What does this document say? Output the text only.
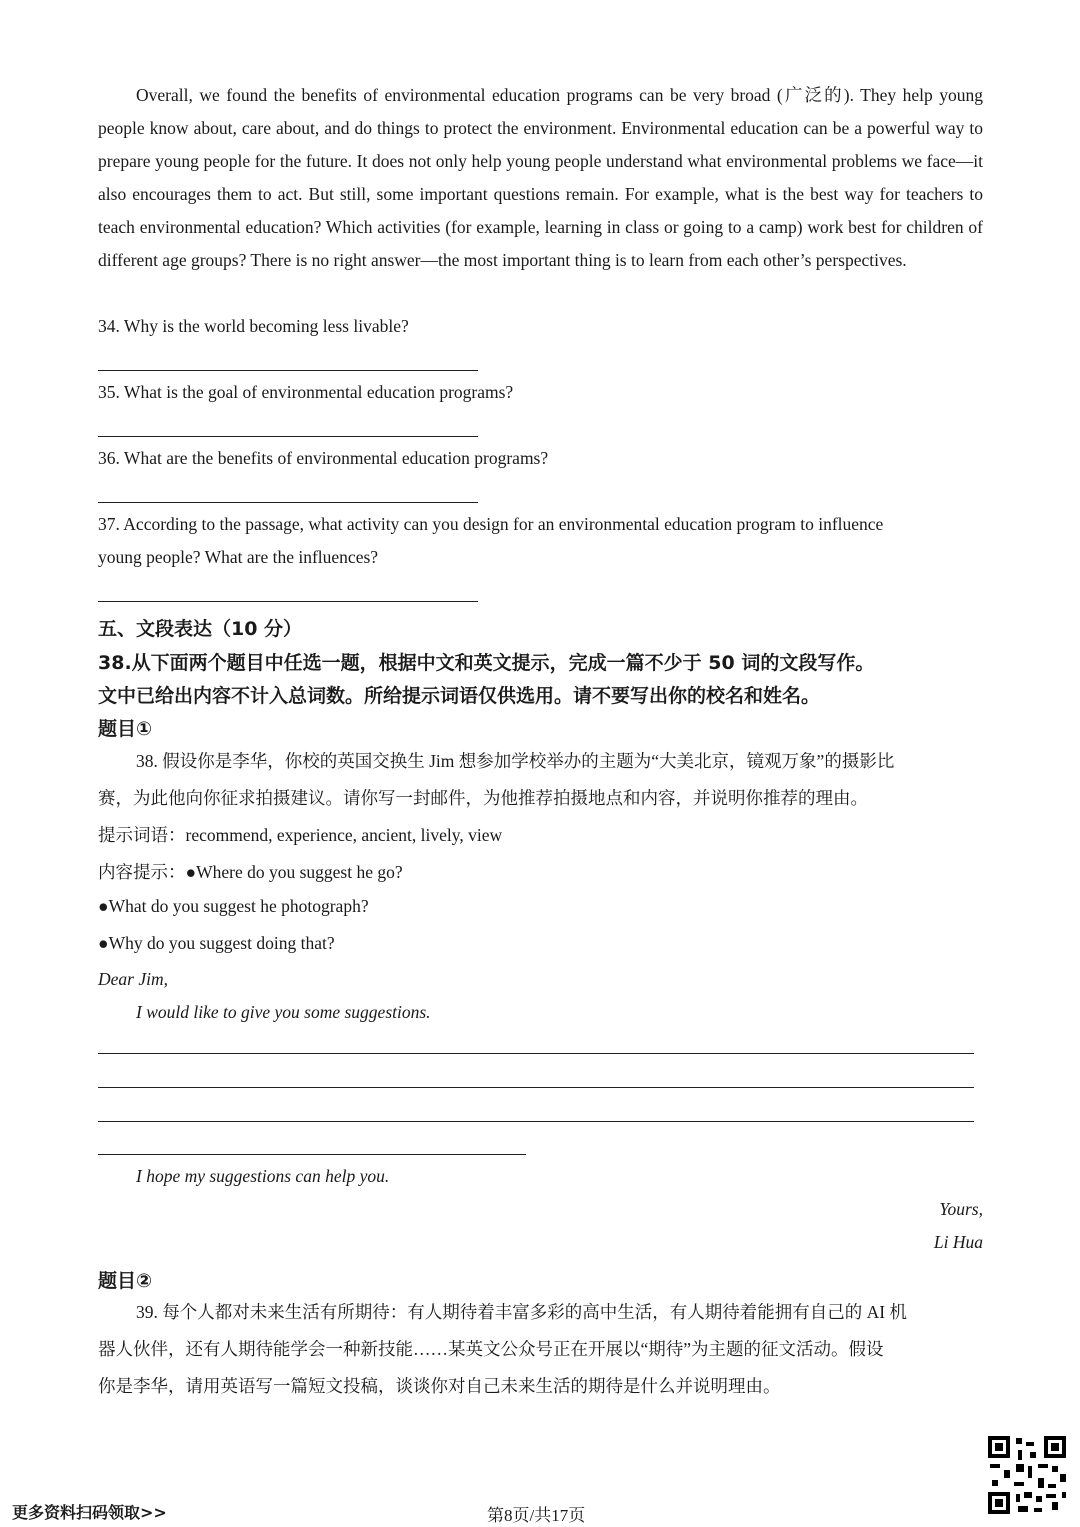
Overall, we found the benefits of environmental education programs can be very broad (广泛的). They help young people know about, care about, and do things to protect the environment. Environmental education can be a powerful way to prepare young people for the future. It does not only help young people understand what environmental problems we face—it also encourages them to act. But still, some important questions remain. For example, what is the best way for teachers to teach environmental education? Which activities (for example, learning in class or going to a camp) work best for children of different age groups? There is no right answer—the most important thing is to learn from each other’s perspectives.
34. Why is the world becoming less livable?
35. What is the goal of environmental education programs?
36. What are the benefits of environmental education programs?
37. According to the passage, what activity can you design for an environmental education program to influence
young people? What are the influences?
五、文段表达（10 分）
38.从下面两个题目中任选一题，根据中文和英文提示，完成一篇不少于 50 词的文段写作。
文中已给出内容不计入总词数。所给提示词语仅供选用。请不要写出你的校名和姓名。
题目①
38. 假设你是李华，你校的英国交换生 Jim 想参加学校举办的主题为“大美北京，镜观万象”的摄影比
赛，为此他向你征求拍摄建议。请你写一封邮件，为他推荐拍摄地点和内容，并说明你推荐的理由。
提示词语：recommend, experience, ancient, lively, view
内容提示：●Where do you suggest he go?
●What do you suggest he photograph?
●Why do you suggest doing that?
Dear Jim,
I would like to give you some suggestions.
I hope my suggestions can help you.
Yours,
Li Hua
题目②
39. 每个人都对未来生活有所期待：有人期待着丰富多彩的高中生活，有人期待着能拥有自己的 AI 机
器人伙伴，还有人期待能学会一种新技能……某英文公众号正在开展以“期待”为主题的征文活动。假设
你是李华，请用英语写一篇短文投稿，谈谈你对自己未来生活的期待是什么并说明理由。
更多资料扫码领取>>	第8页/共17页
